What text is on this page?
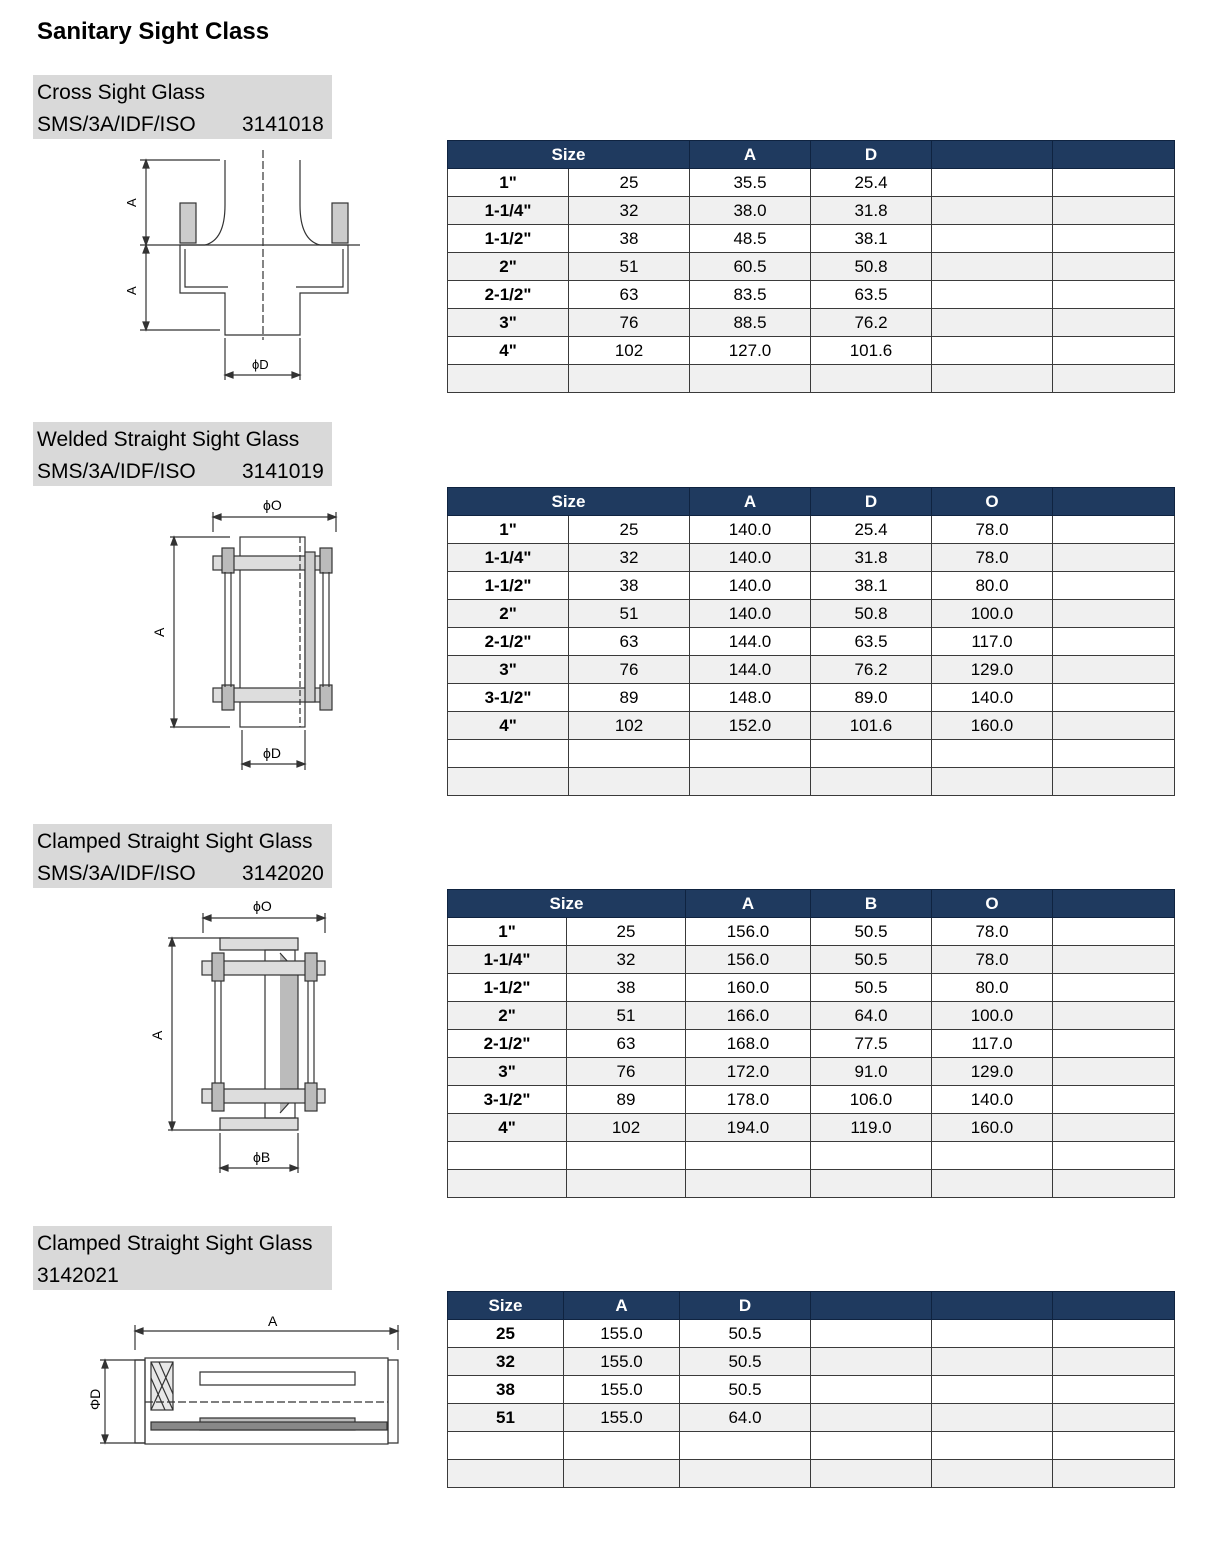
Sanitary Sight Class
Cross Sight Glass
SMS/3A/IDF/ISO 3141018
A
A
ϕD
Size		A	D		
1"	25	35.5	25.4		
1-1/4"	32	38.0	31.8		
1-1/2"	38	48.5	38.1		
2"	51	60.5	50.8		
2-1/2"	63	83.5	63.5		
3"	76	88.5	76.2		
4"	102	127.0	101.6		

Welded Straight Sight Glass
SMS/3A/IDF/ISO 3141019
ϕO
A
ϕD
Size		A	D	O	
1"	25	140.0	25.4	78.0	
1-1/4"	32	140.0	31.8	78.0	
1-1/2"	38	140.0	38.1	80.0	
2"	51	140.0	50.8	100.0	
2-1/2"	63	144.0	63.5	117.0	
3"	76	144.0	76.2	129.0	
3-1/2"	89	148.0	89.0	140.0	
4"	102	152.0	101.6	160.0	

Clamped Straight Sight Glass
SMS/3A/IDF/ISO 3142020
ϕO
A
ϕB
Size		A	B	O	
1"	25	156.0	50.5	78.0	
1-1/4"	32	156.0	50.5	78.0	
1-1/2"	38	160.0	50.5	80.0	
2"	51	166.0	64.0	100.0	
2-1/2"	63	168.0	77.5	117.0	
3"	76	172.0	91.0	129.0	
3-1/2"	89	178.0	106.0	140.0	
4"	102	194.0	119.0	160.0	

Clamped Straight Sight Glass
3142021
A
ΦD
Size	A	D			
25	155.0	50.5			
32	155.0	50.5			
38	155.0	50.5			
51	155.0	64.0			
